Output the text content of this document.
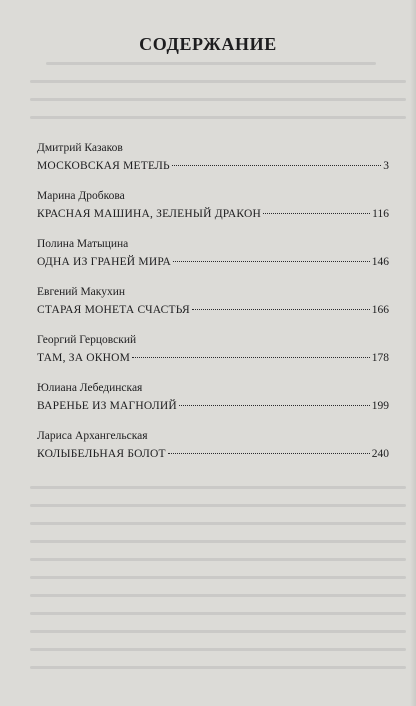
СОДЕРЖАНИЕ
Дмитрий Казаков
МОСКОВСКАЯ МЕТЕЛЬ	3
Марина Дробкова
КРАСНАЯ МАШИНА, ЗЕЛЕНЫЙ ДРАКОН	116
Полина Матыцина
ОДНА ИЗ ГРАНЕЙ МИРА	146
Евгений Макухин
СТАРАЯ МОНЕТА СЧАСТЬЯ	166
Георгий Герцовский
ТАМ, ЗА ОКНОМ	178
Юлиана Лебединская
ВАРЕНЬЕ ИЗ МАГНОЛИЙ	199
Лариса Архангельская
КОЛЫБЕЛЬНАЯ БОЛОТ	240
